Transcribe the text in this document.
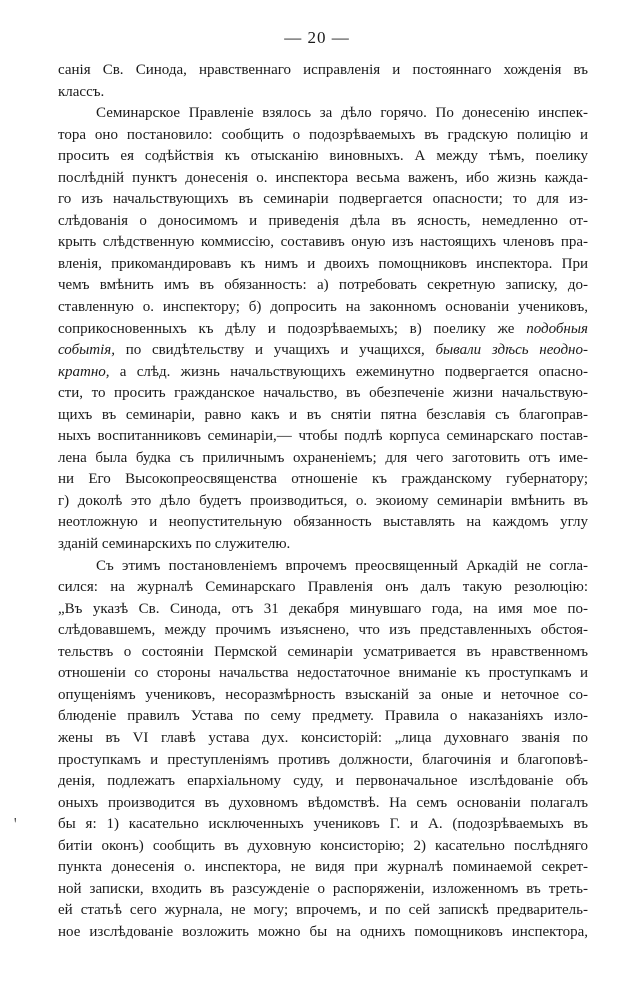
— 20 —
ꞌ
санія Св. Синода, нравственнаго исправленія и постояннаго хожденія въ
классъ.
Семинарское Правленіе взялось за дѣло горячо. По донесенію инспек-
тора оно постановило: сообщить о подозрѣваемыхъ въ градскую полицію и
просить ея содѣйствія къ отысканію виновныхъ. А между тѣмъ, поелику
послѣдній пунктъ донесенія о. инспектора весьма важенъ, ибо жизнь кажда-
го изъ начальствующихъ въ семинаріи подвергается опасности; то для из-
слѣдованія о доносимомъ и приведенія дѣла въ ясность, немедленно от-
крыть слѣдственную коммиссію, составивъ оную изъ настоящихъ членовъ пра-
вленія, прикомандировавъ къ нимъ и двоихъ помощниковъ инспектора. При
чемъ вмѣнить имъ въ обязанность: а) потребовать секретную записку, до-
ставленную о. инспектору; б) допросить на законномъ основаніи учениковъ,
соприкосновенныхъ къ дѣлу и подозрѣваемыхъ; в) поелику же подобныя
событія, по свидѣтельству и учащихъ и учащихся, бывали здѣсь неодно-
кратно, а слѣд. жизнь начальствующихъ ежеминутно подвергается опасно-
сти, то просить гражданское начальство, въ обезпеченіе жизни начальствую-
щихъ въ семинаріи, равно какъ и въ снятіи пятна безславія съ благоправ-
ныхъ воспитанниковъ семинаріи,— чтобы подлѣ корпуса семинарскаго постав-
лена была будка съ приличнымъ охраненіемъ; для чего заготовить отъ име-
ни Его Высокопреосвященства отношеніе къ гражданскому губернатору;
г) доколѣ это дѣло будетъ производиться, о. экоиому семинаріи вмѣнить въ
неотложную и неопустительную обязанность выставлять на каждомъ углу
зданій семинарскихъ по служителю.
Съ этимъ постановленіемъ впрочемъ преосвященный Аркадій не согла-
сился: на журналѣ Семинарскаго Правленія онъ далъ такую резолюцію:
„Въ указѣ Св. Синода, отъ 31 декабря минувшаго года, на имя мое по-
слѣдовавшемъ, между прочимъ изъяснено, что изъ представленныхъ обстоя-
тельствъ о состояніи Пермской семинаріи усматривается въ нравственномъ
отношеніи со стороны начальства недостаточное вниманіе къ проступкамъ и
опущеніямъ учениковъ, несоразмѣрность взысканій за оные и неточное со-
блюденіе правилъ Устава по сему предмету. Правила о наказаніяхъ изло-
жены въ VI главѣ устава дух. консисторій: „лица духовнаго званія по
проступкамъ и преступленіямъ противъ должности, благочинія и благоповѣ-
денія, подлежатъ епархіальному суду, и первоначальное изслѣдованіе объ
оныхъ производится въ духовномъ вѣдомствѣ. На семъ основаніи полагалъ
бы я: 1) касательно исключенныхъ учениковъ Г. и А. (подозрѣваемыхъ въ
битіи оконъ) сообщить въ духовную консисторію; 2) касательно послѣдняго
пункта донесенія о. инспектора, не видя при журналѣ поминаемой секрет-
ной записки, входить въ разсужденіе о распоряженіи, изложенномъ въ треть-
ей статьѣ сего журнала, не могу; впрочемъ, и по сей запискѣ предваритель-
ное изслѣдованіе возложить можно бы на однихъ помощниковъ инспектора,
